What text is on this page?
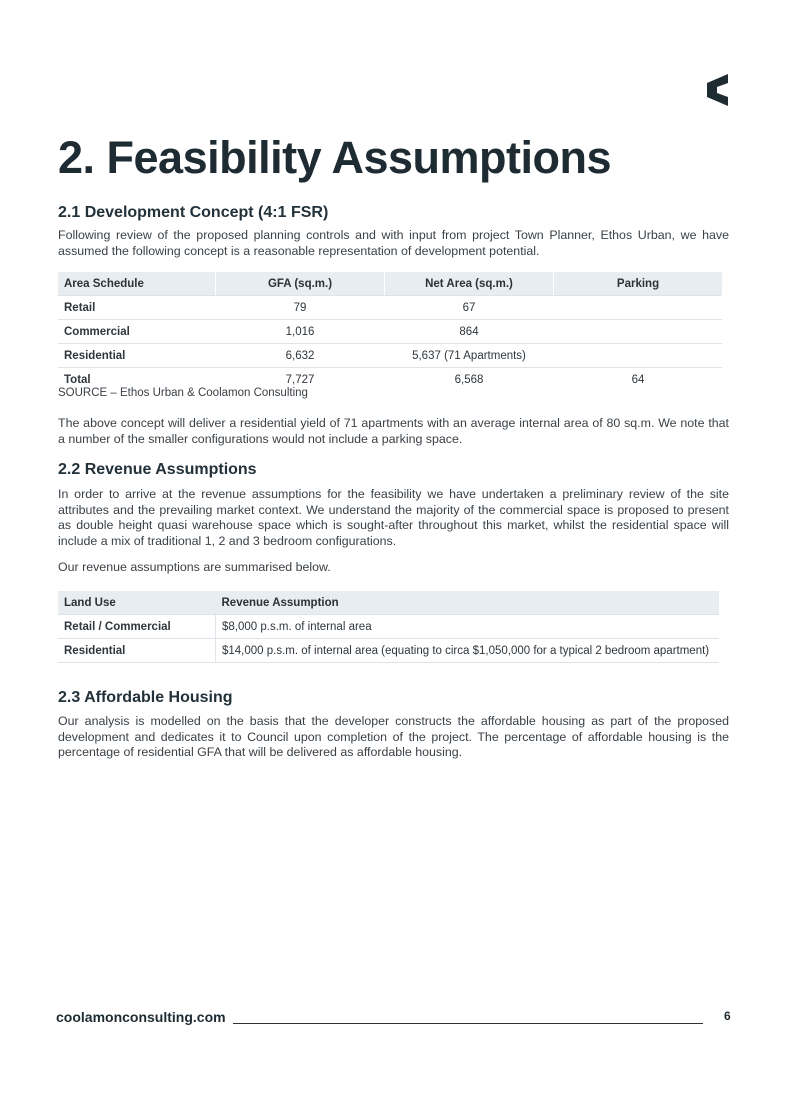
2. Feasibility Assumptions
2.1 Development Concept (4:1 FSR)

Following review of the proposed planning controls and with input from project Town Planner, Ethos Urban, we have assumed the following concept is a reasonable representation of development potential.

Area Schedule	GFA (sq.m.)	Net Area (sq.m.)	Parking
Retail	79	67	
Commercial	1,016	864	
Residential	6,632	5,637 (71 Apartments)	
Total	7,727	6,568	64

SOURCE – Ethos Urban & Coolamon Consulting

The above concept will deliver a residential yield of 71 apartments with an average internal area of 80 sq.m. We note that a number of the smaller configurations would not include a parking space.

2.2 Revenue Assumptions

In order to arrive at the revenue assumptions for the feasibility we have undertaken a preliminary review of the site attributes and the prevailing market context. We understand the majority of the commercial space is proposed to present as double height quasi warehouse space which is sought-after throughout this market, whilst the residential space will include a mix of traditional 1, 2 and 3 bedroom configurations.

Our revenue assumptions are summarised below.

Land Use	Revenue Assumption
Retail / Commercial	$8,000 p.s.m. of internal area
Residential	$14,000 p.s.m. of internal area (equating to circa $1,050,000 for a typical 2 bedroom apartment)
2.3 Affordable Housing

Our analysis is modelled on the basis that the developer constructs the affordable housing as part of the proposed development and dedicates it to Council upon completion of the project. The percentage of affordable housing is the percentage of residential GFA that will be delivered as affordable housing.

coolamonconsulting.com	6
